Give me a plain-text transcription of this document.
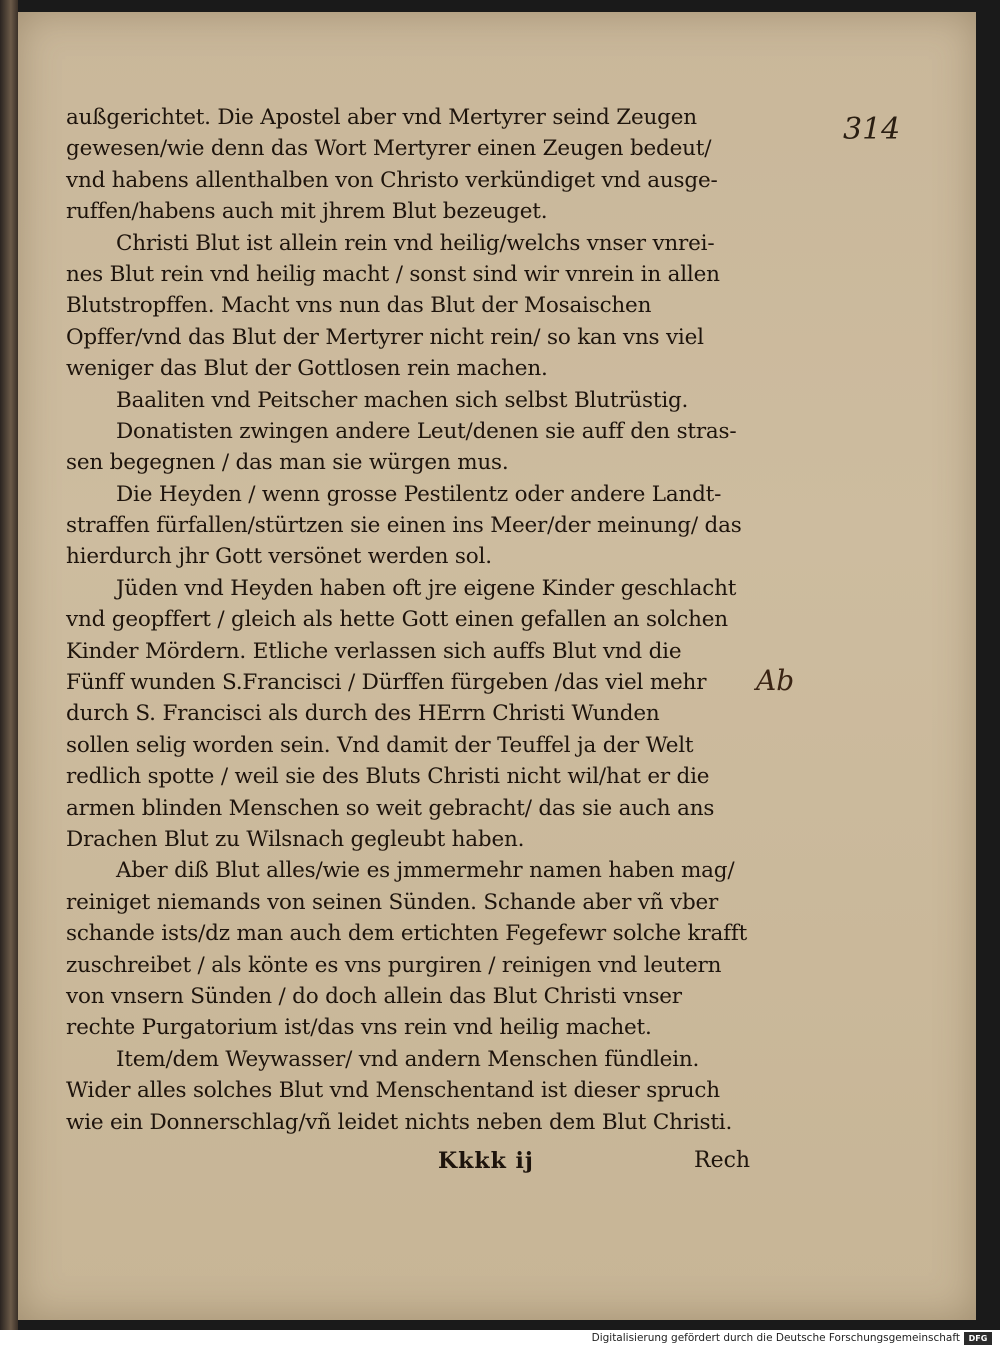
314
Ab
außgerichtet. Die Apostel aber vnd Mertyrer seind Zeugen
gewesen/wie denn das Wort Mertyrer einen Zeugen bedeut/
vnd habens allenthalben von Christo verkündiget vnd ausge-
ruffen/habens auch mit jhrem Blut bezeuget.
Christi Blut ist allein rein vnd heilig/welchs vnser vnrei-
nes Blut rein vnd heilig macht / sonst sind wir vnrein in allen
Blutstropffen. Macht vns nun das Blut der Mosaischen
Opffer/vnd das Blut der Mertyrer nicht rein/ so kan vns viel
weniger das Blut der Gottlosen rein machen.
Baaliten vnd Peitscher machen sich selbst Blutrüstig.
Donatisten zwingen andere Leut/denen sie auff den stras-
sen begegnen / das man sie würgen mus.
Die Heyden / wenn grosse Pestilentz oder andere Landt-
straffen fürfallen/stürtzen sie einen ins Meer/der meinung/ das
hierdurch jhr Gott versönet werden sol.
Jüden vnd Heyden haben oft jre eigene Kinder geschlacht
vnd geopffert / gleich als hette Gott einen gefallen an solchen
Kinder Mördern. Etliche verlassen sich auffs Blut vnd die
Fünff wunden S.Francisci / Dürffen fürgeben /das viel mehr
durch S. Francisci als durch des HErrn Christi Wunden
sollen selig worden sein. Vnd damit der Teuffel ja der Welt
redlich spotte / weil sie des Bluts Christi nicht wil/hat er die
armen blinden Menschen so weit gebracht/ das sie auch ans
Drachen Blut zu Wilsnach gegleubt haben.
Aber diß Blut alles/wie es jmmermehr namen haben mag/
reiniget niemands von seinen Sünden. Schande aber vñ vber
schande ists/dz man auch dem ertichten Fegefewr solche krafft
zuschreibet / als könte es vns purgiren / reinigen vnd leutern
von vnsern Sünden / do doch allein das Blut Christi vnser
rechte Purgatorium ist/das vns rein vnd heilig machet.
Item/dem Weywasser/ vnd andern Menschen fündlein.
Wider alles solches Blut vnd Menschentand ist dieser spruch
wie ein Donnerschlag/vñ leidet nichts neben dem Blut Christi.
Kkkk ij	Rech
Digitalisierung gefördert durch die Deutsche Forschungsgemeinschaft	DFG
